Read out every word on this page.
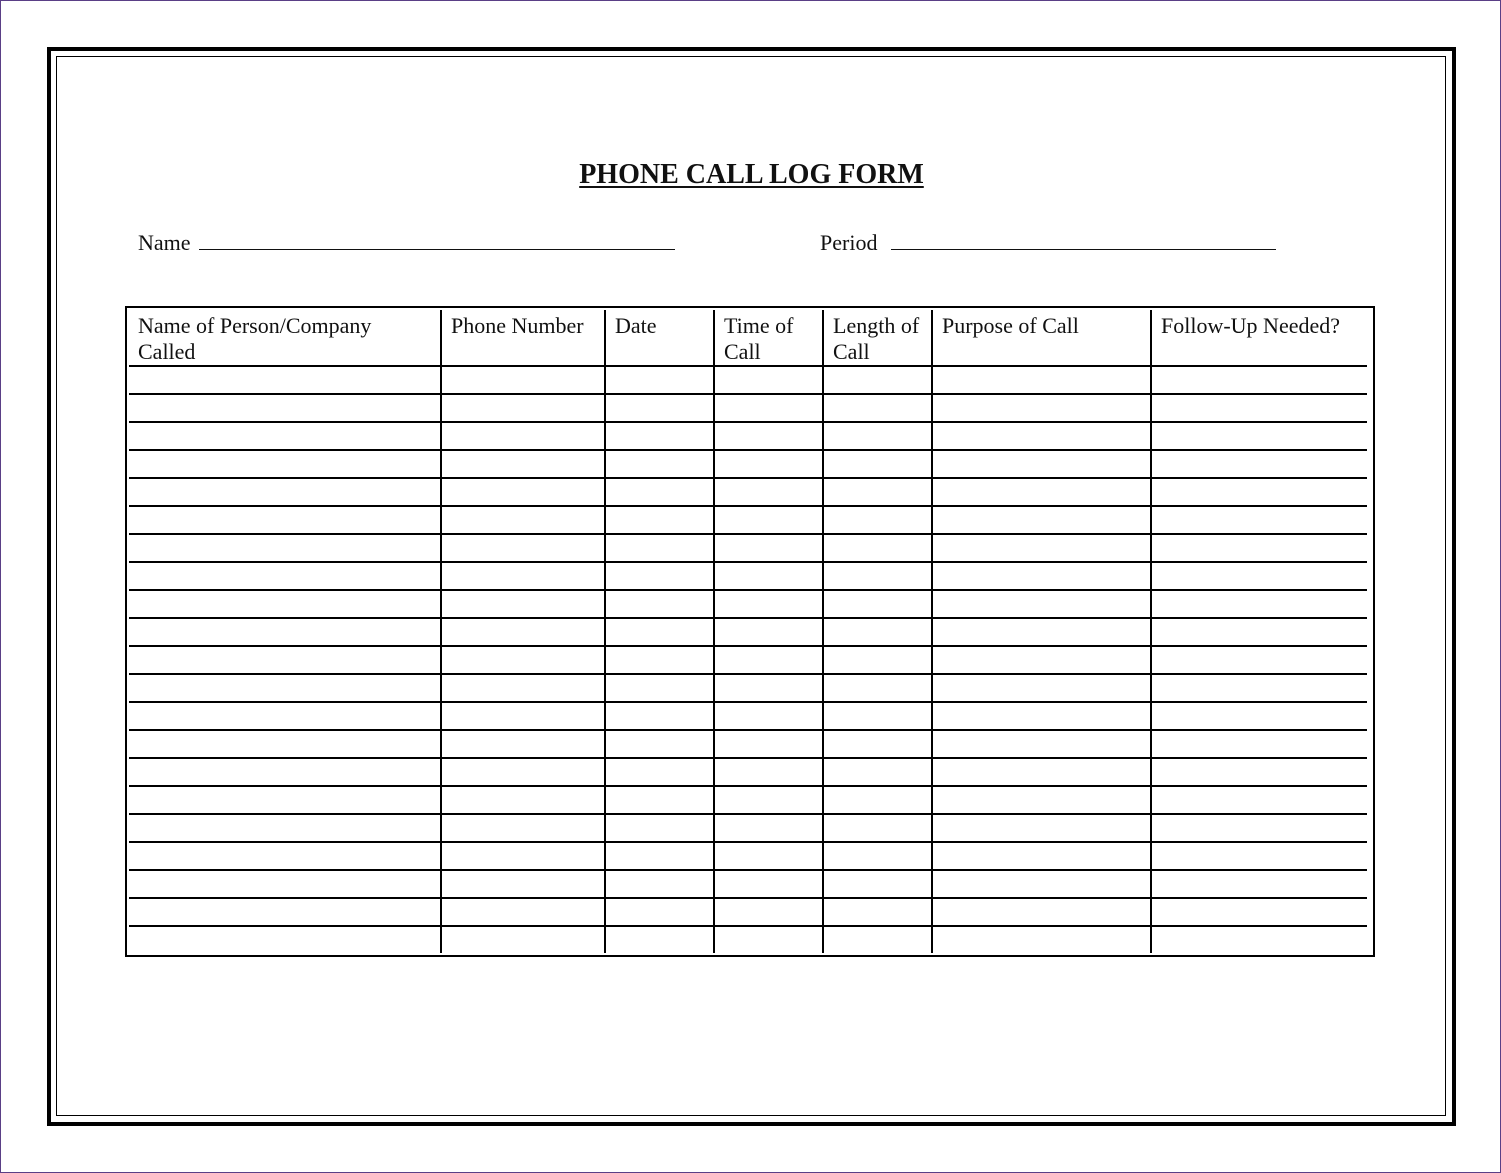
PHONE CALL LOG FORM
Name	Period
Name of Person/Company Called	Phone Number	Date	Time of Call	Length of Call	Purpose of Call	Follow-Up Needed?
